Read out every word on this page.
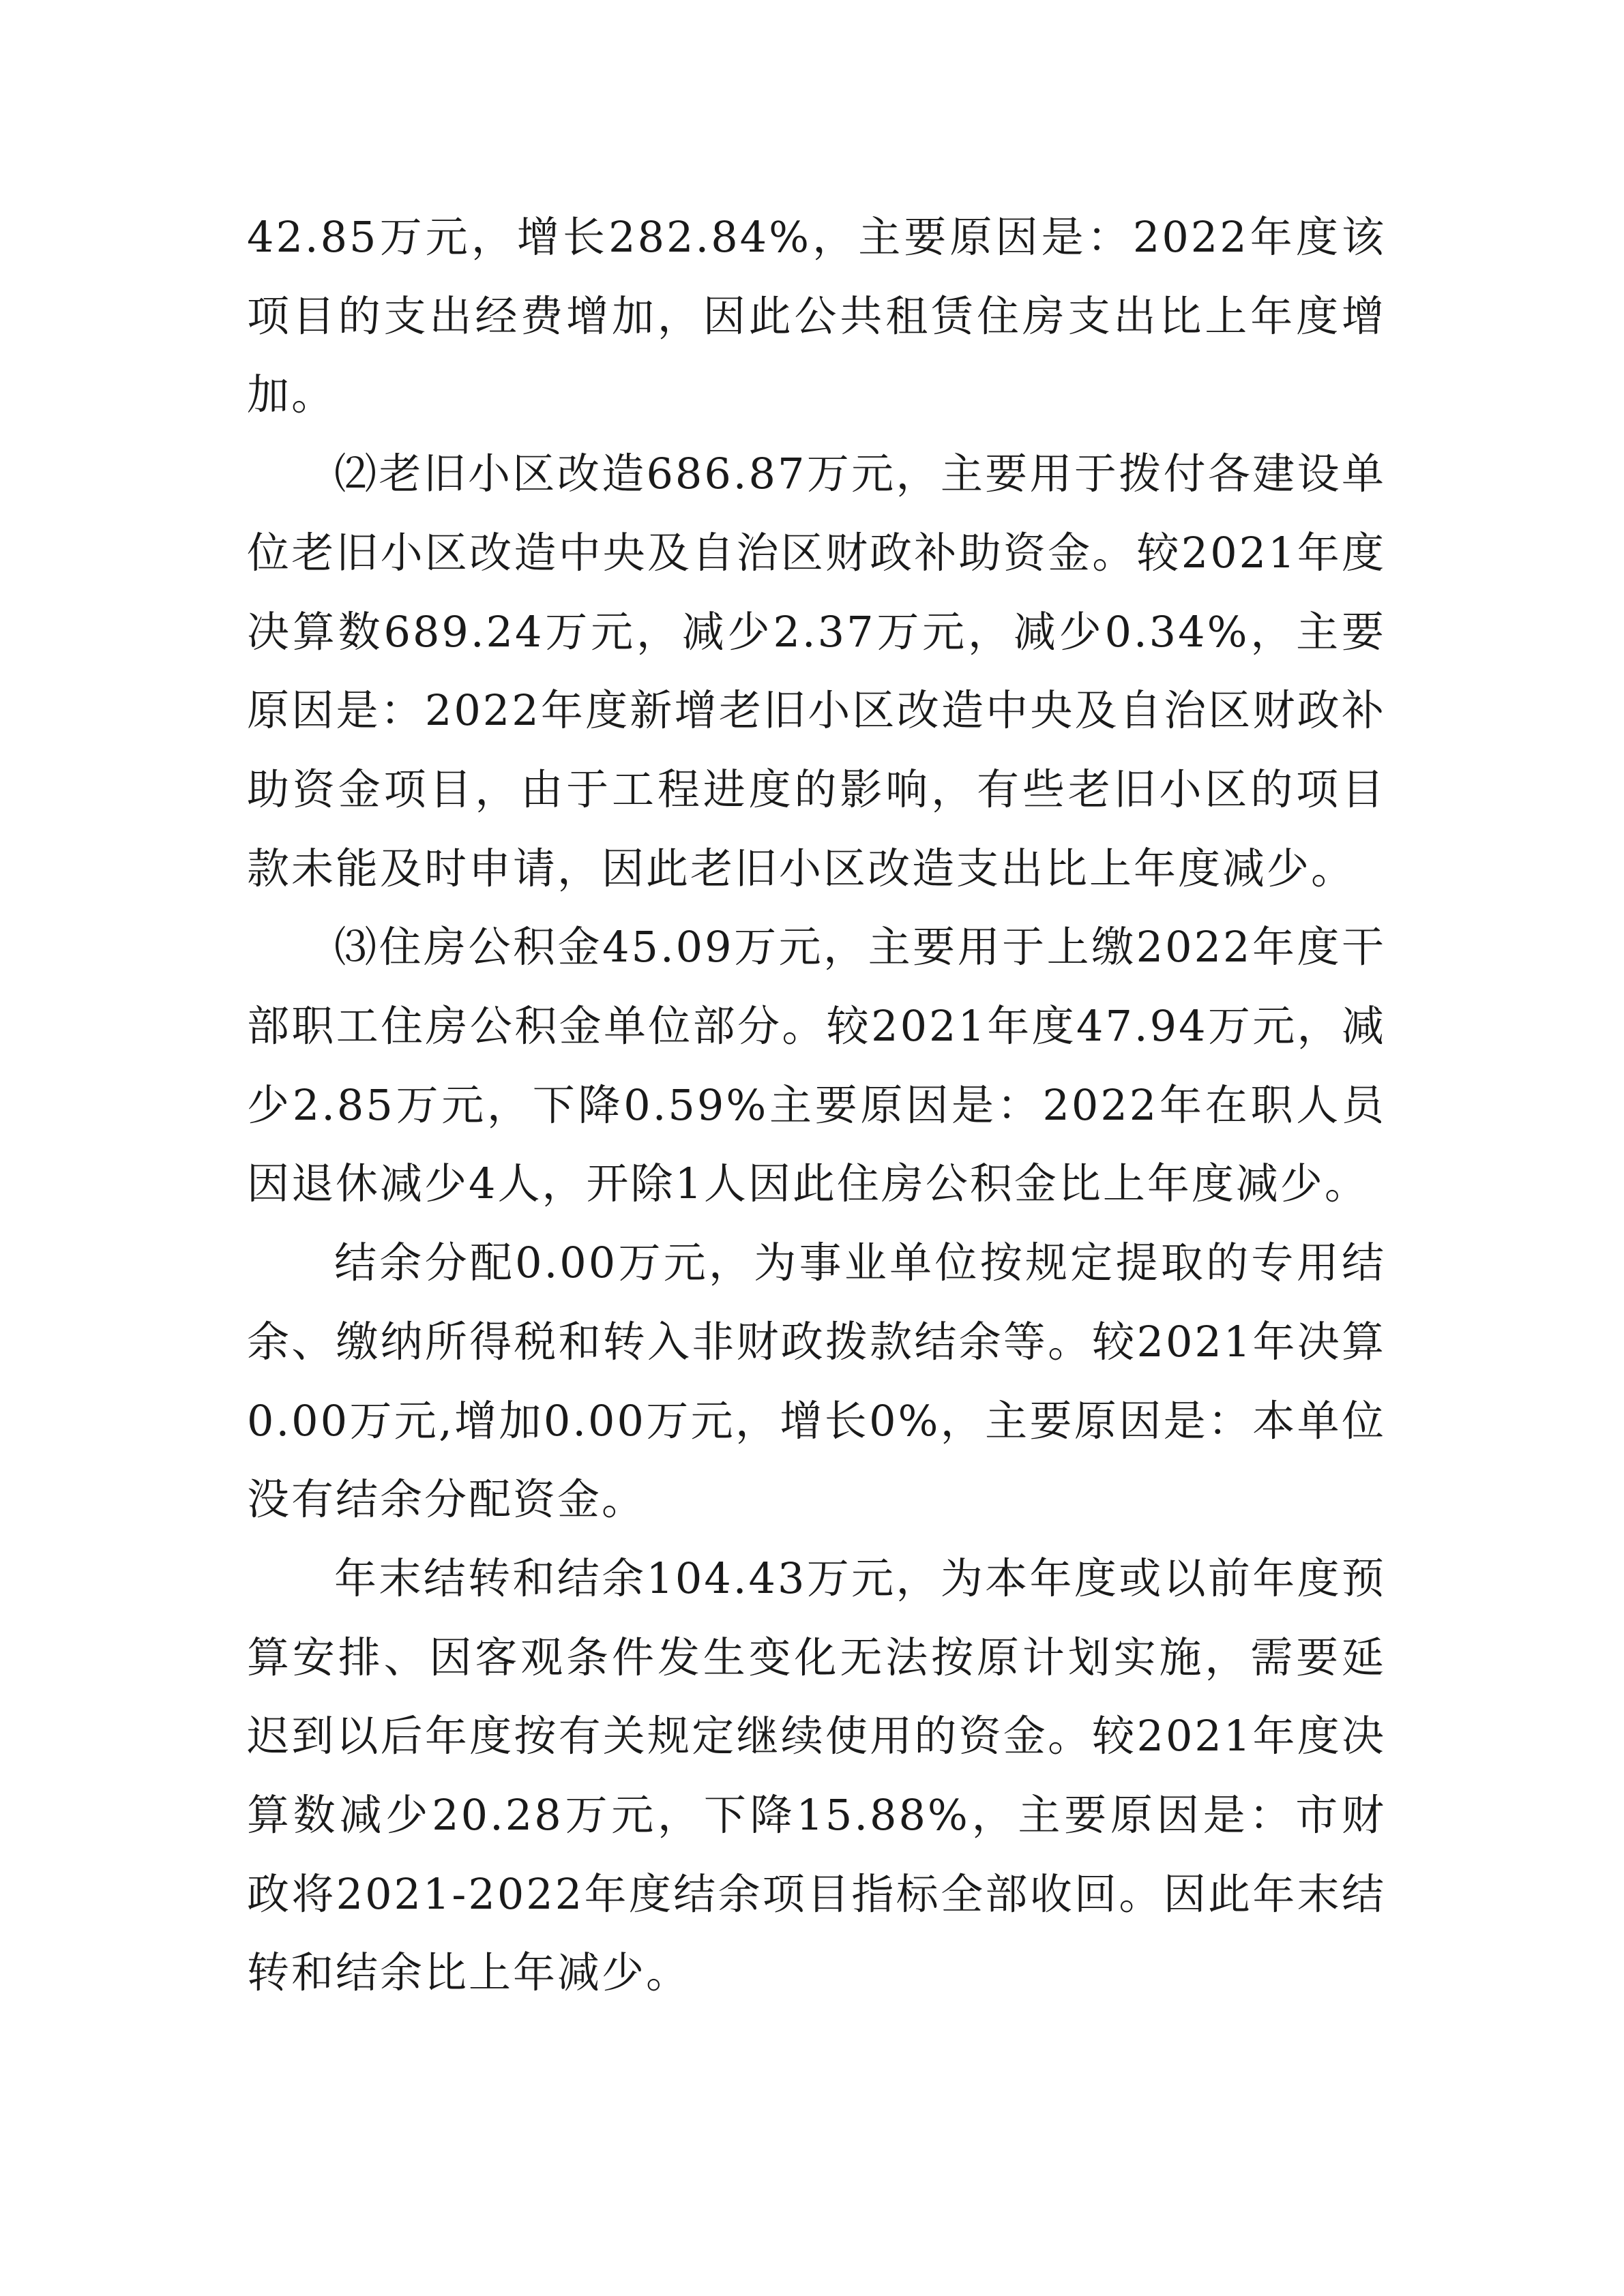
42.85万元，增长282.84%，主要原因是：2022年度该项目的支出经费增加，因此公共租赁住房支出比上年度增加。

⑵老旧小区改造686.87万元，主要用于拨付各建设单位老旧小区改造中央及自治区财政补助资金。较2021年度决算数689.24万元，减少2.37万元，减少0.34%，主要原因是：2022年度新增老旧小区改造中央及自治区财政补助资金项目，由于工程进度的影响，有些老旧小区的项目款未能及时申请，因此老旧小区改造支出比上年度减少。

⑶住房公积金45.09万元，主要用于上缴2022年度干部职工住房公积金单位部分。较2021年度47.94万元，减少2.85万元，下降0.59%主要原因是：2022年在职人员因退休减少4人，开除1人因此住房公积金比上年度减少。

结余分配0.00万元，为事业单位按规定提取的专用结余、缴纳所得税和转入非财政拨款结余等。较2021年决算0.00万元,增加0.00万元，增长0%，主要原因是：本单位没有结余分配资金。

年末结转和结余104.43万元，为本年度或以前年度预算安排、因客观条件发生变化无法按原计划实施，需要延迟到以后年度按有关规定继续使用的资金。较2021年度决算数减少20.28万元，下降15.88%，主要原因是：市财政将2021-2022年度结余项目指标全部收回。因此年末结转和结余比上年减少。
